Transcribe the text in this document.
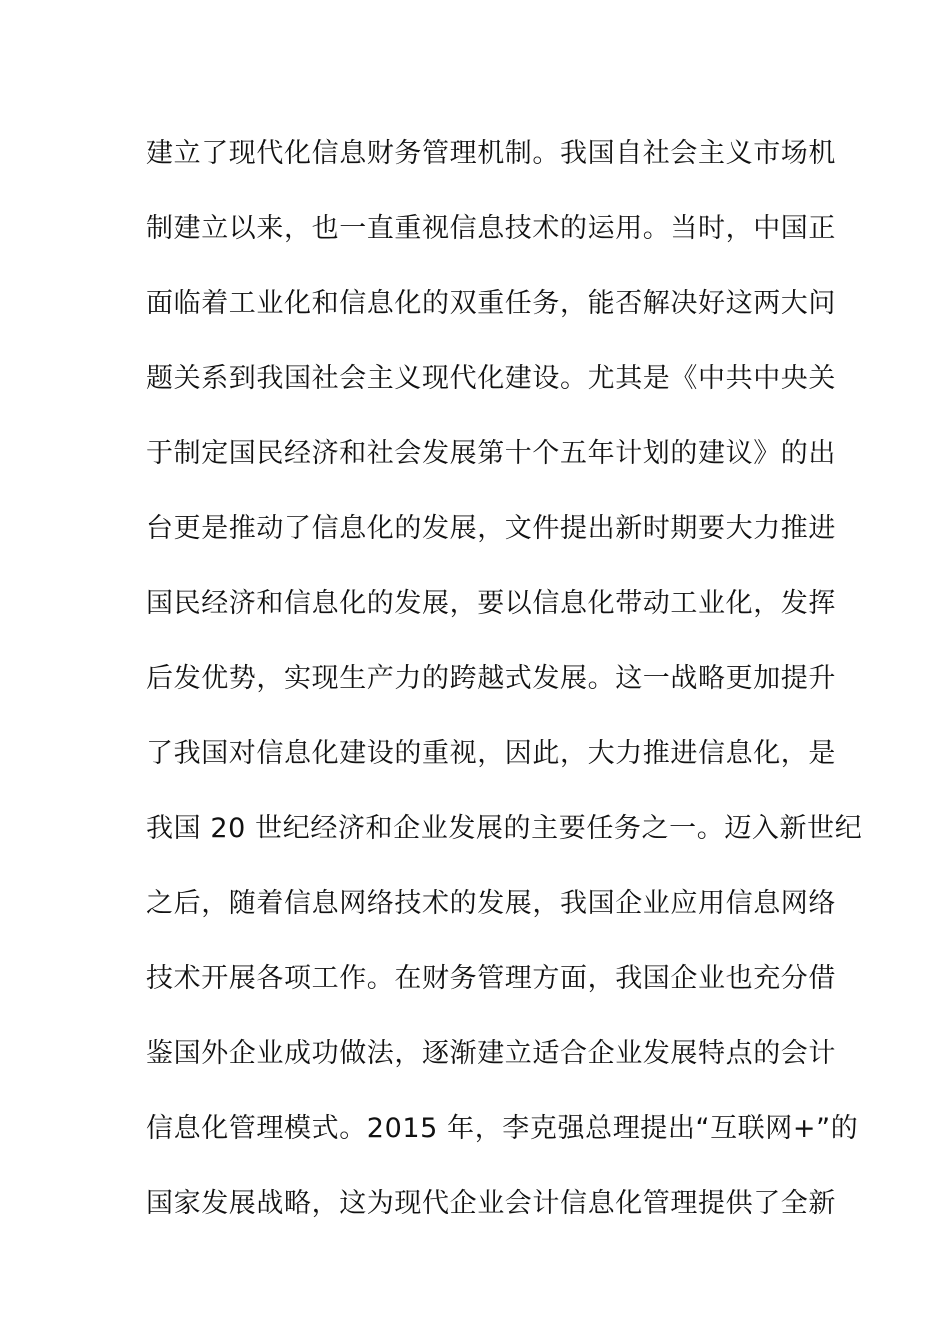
建立了现代化信息财务管理机制。我国自社会主义市场机
制建立以来，也一直重视信息技术的运用。当时，中国正
面临着工业化和信息化的双重任务，能否解决好这两大问
题关系到我国社会主义现代化建设。尤其是《中共中央关
于制定国民经济和社会发展第十个五年计划的建议》的出
台更是推动了信息化的发展，文件提出新时期要大力推进
国民经济和信息化的发展，要以信息化带动工业化，发挥
后发优势，实现生产力的跨越式发展。这一战略更加提升
了我国对信息化建设的重视，因此，大力推进信息化，是
我国 20 世纪经济和企业发展的主要任务之一。迈入新世纪
之后，随着信息网络技术的发展，我国企业应用信息网络
技术开展各项工作。在财务管理方面，我国企业也充分借
鉴国外企业成功做法，逐渐建立适合企业发展特点的会计
信息化管理模式。2015 年，李克强总理提出“互联网+”的
国家发展战略，这为现代企业会计信息化管理提供了全新
